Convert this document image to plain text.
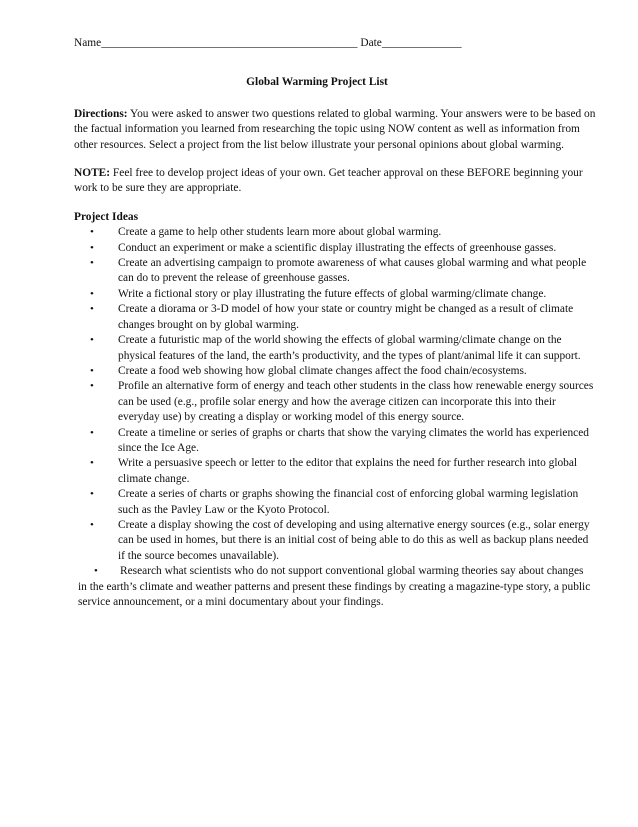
Name_____________________________________________ Date______________
Global Warming Project List
Directions: You were asked to answer two questions related to global warming. Your answers were to be based on the factual information you learned from researching the topic using NOW content as well as information from other resources. Select a project from the list below illustrate your personal opinions about global warming.
NOTE: Feel free to develop project ideas of your own. Get teacher approval on these BEFORE beginning your work to be sure they are appropriate.
Project Ideas
• Create a game to help other students learn more about global warming.
• Conduct an experiment or make a scientific display illustrating the effects of greenhouse gasses.
• Create an advertising campaign to promote awareness of what causes global warming and what people can do to prevent the release of greenhouse gasses.
• Write a fictional story or play illustrating the future effects of global warming/climate change.
• Create a diorama or 3-D model of how your state or country might be changed as a result of climate changes brought on by global warming.
• Create a futuristic map of the world showing the effects of global warming/climate change on the physical features of the land, the earth’s productivity, and the types of plant/animal life it can support.
• Create a food web showing how global climate changes affect the food chain/ecosystems.
• Profile an alternative form of energy and teach other students in the class how renewable energy sources can be used (e.g., profile solar energy and how the average citizen can incorporate this into their everyday use) by creating a display or working model of this energy source.
• Create a timeline or series of graphs or charts that show the varying climates the world has experienced since the Ice Age.
• Write a persuasive speech or letter to the editor that explains the need for further research into global climate change.
• Create a series of charts or graphs showing the financial cost of enforcing global warming legislation such as the Pavley Law or the Kyoto Protocol.
• Create a display showing the cost of developing and using alternative energy sources (e.g., solar energy can be used in homes, but there is an initial cost of being able to do this as well as backup plans needed if the source becomes unavailable).
• Research what scientists who do not support conventional global warming theories say about changes in the earth’s climate and weather patterns and present these findings by creating a magazine-type story, a public service announcement, or a mini documentary about your findings.
